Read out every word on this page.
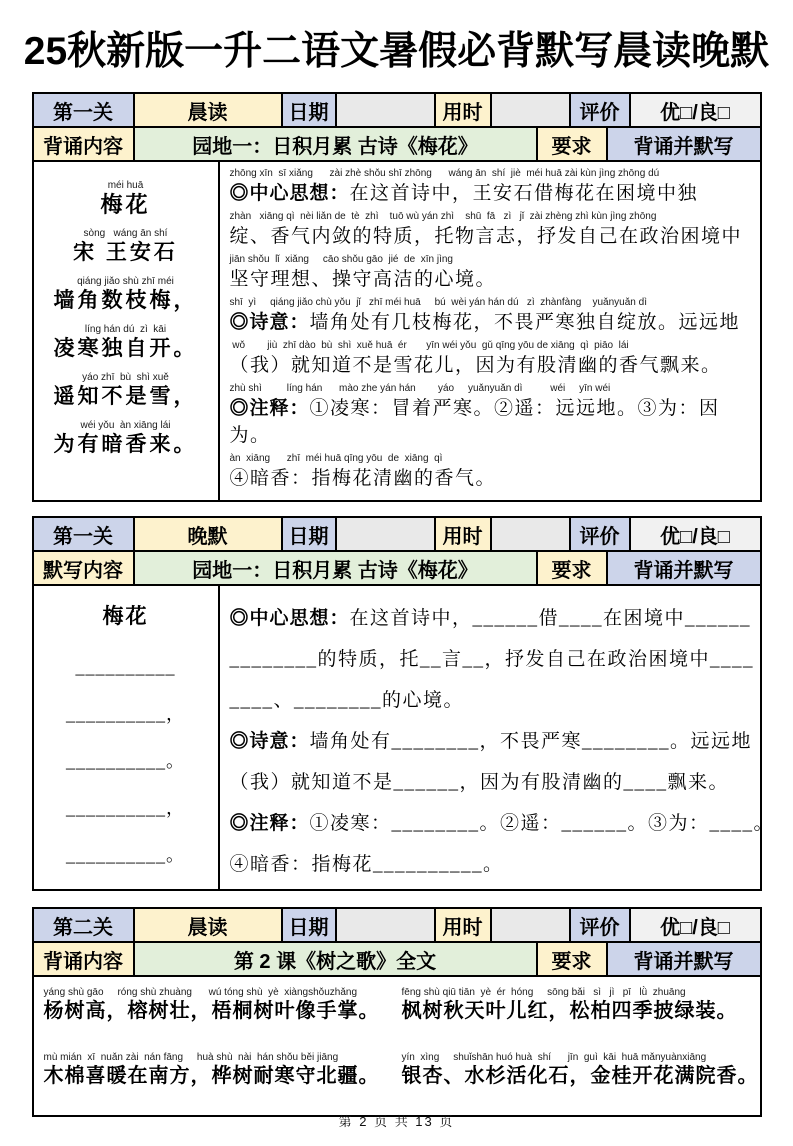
25秋新版一升二语文暑假必背默写晨读晚默
第一关	晨读	日期	用时	评价	优□/良□
背诵内容	园地一：日积月累 古诗《梅花》	要求	背诵并默写
méi huā
梅花
sòng   wáng ān shí
宋 王安石
qiáng jiǎo shù zhī méi
墙角数枝梅，
líng hán dú  zì  kāi
凌寒独自开。
yáo zhī  bù  shì xuě
遥知不是雪，
wéi yǒu  àn xiāng lái
为有暗香来。
zhōng xīn  sī xiǎng      zài zhè shǒu shī zhōng      wáng ān  shí  jiè  méi huā zài kùn jìng zhōng dú
◎中心思想：在这首诗中，王安石借梅花在困境中独
zhàn   xiāng qì  nèi liǎn de  tè  zhì    tuō wù yán zhì    shū  fā   zì   jǐ  zài zhèng zhì kùn jìng zhōng
绽、香气内敛的特质，托物言志，抒发自己在政治困境中
jiān shǒu  lǐ  xiǎng     cāo shǒu gāo  jié  de  xīn jìng
坚守理想、操守高洁的心境。
shī  yì     qiáng jiǎo chù yǒu  jǐ   zhī méi huā     bú  wèi yán hán dú   zì  zhànfàng    yuǎnyuǎn dì
◎诗意：墙角处有几枝梅花，不畏严寒独自绽放。远远地
wǒ        jiù  zhī dào  bù  shì  xuě huā  ér       yīn wéi yǒu  gǔ qīng yōu de xiāng  qì  piāo  lái
（我）就知道不是雪花儿，因为有股清幽的香气飘来。
zhù shì         líng hán      mào zhe yán hán        yáo     yuǎnyuǎn dì          wéi     yīn wéi
◎注释：①凌寒：冒着严寒。②遥：远远地。③为：因为。
àn  xiāng      zhī  méi huā qīng yōu  de  xiāng  qì
④暗香：指梅花清幽的香气。
第一关	晚默	日期	用时	评价	优□/良□
默写内容	园地一：日积月累 古诗《梅花》	要求	背诵并默写
梅花
__________
__________，
__________。
__________，
__________。
◎中心思想：在这首诗中，______借____在困境中______
________的特质，托__言__，抒发自己在政治困境中____
____、________的心境。
◎诗意：墙角处有________，不畏严寒________。远远地
（我）就知道不是______，因为有股清幽的____飘来。
◎注释：①凌寒：________。②遥：______。③为：____。
④暗香：指梅花__________。
第二关	晨读	日期	用时	评价	优□/良□
背诵内容	第 2 课《树之歌》全文	要求	背诵并默写
yáng shù gāo     róng shù zhuàng      wú tóng shù  yè  xiàngshǒuzhǎng
杨树高，榕树壮，梧桐树叶像手掌。
mù mián  xī  nuǎn zài  nán fāng     huà shù  nài  hán shǒu běi jiāng
木棉喜暖在南方，桦树耐寒守北疆。
fēng shù qiū tiān  yè  ér  hóng     sōng bǎi   sì   jì   pī   lǜ  zhuāng
枫树秋天叶儿红，松柏四季披绿装。
yín  xìng     shuǐshān huó huà  shí      jīn  guì  kāi  huā mǎnyuànxiāng
银杏、水杉活化石，金桂开花满院香。
第 2 页 共 13 页
